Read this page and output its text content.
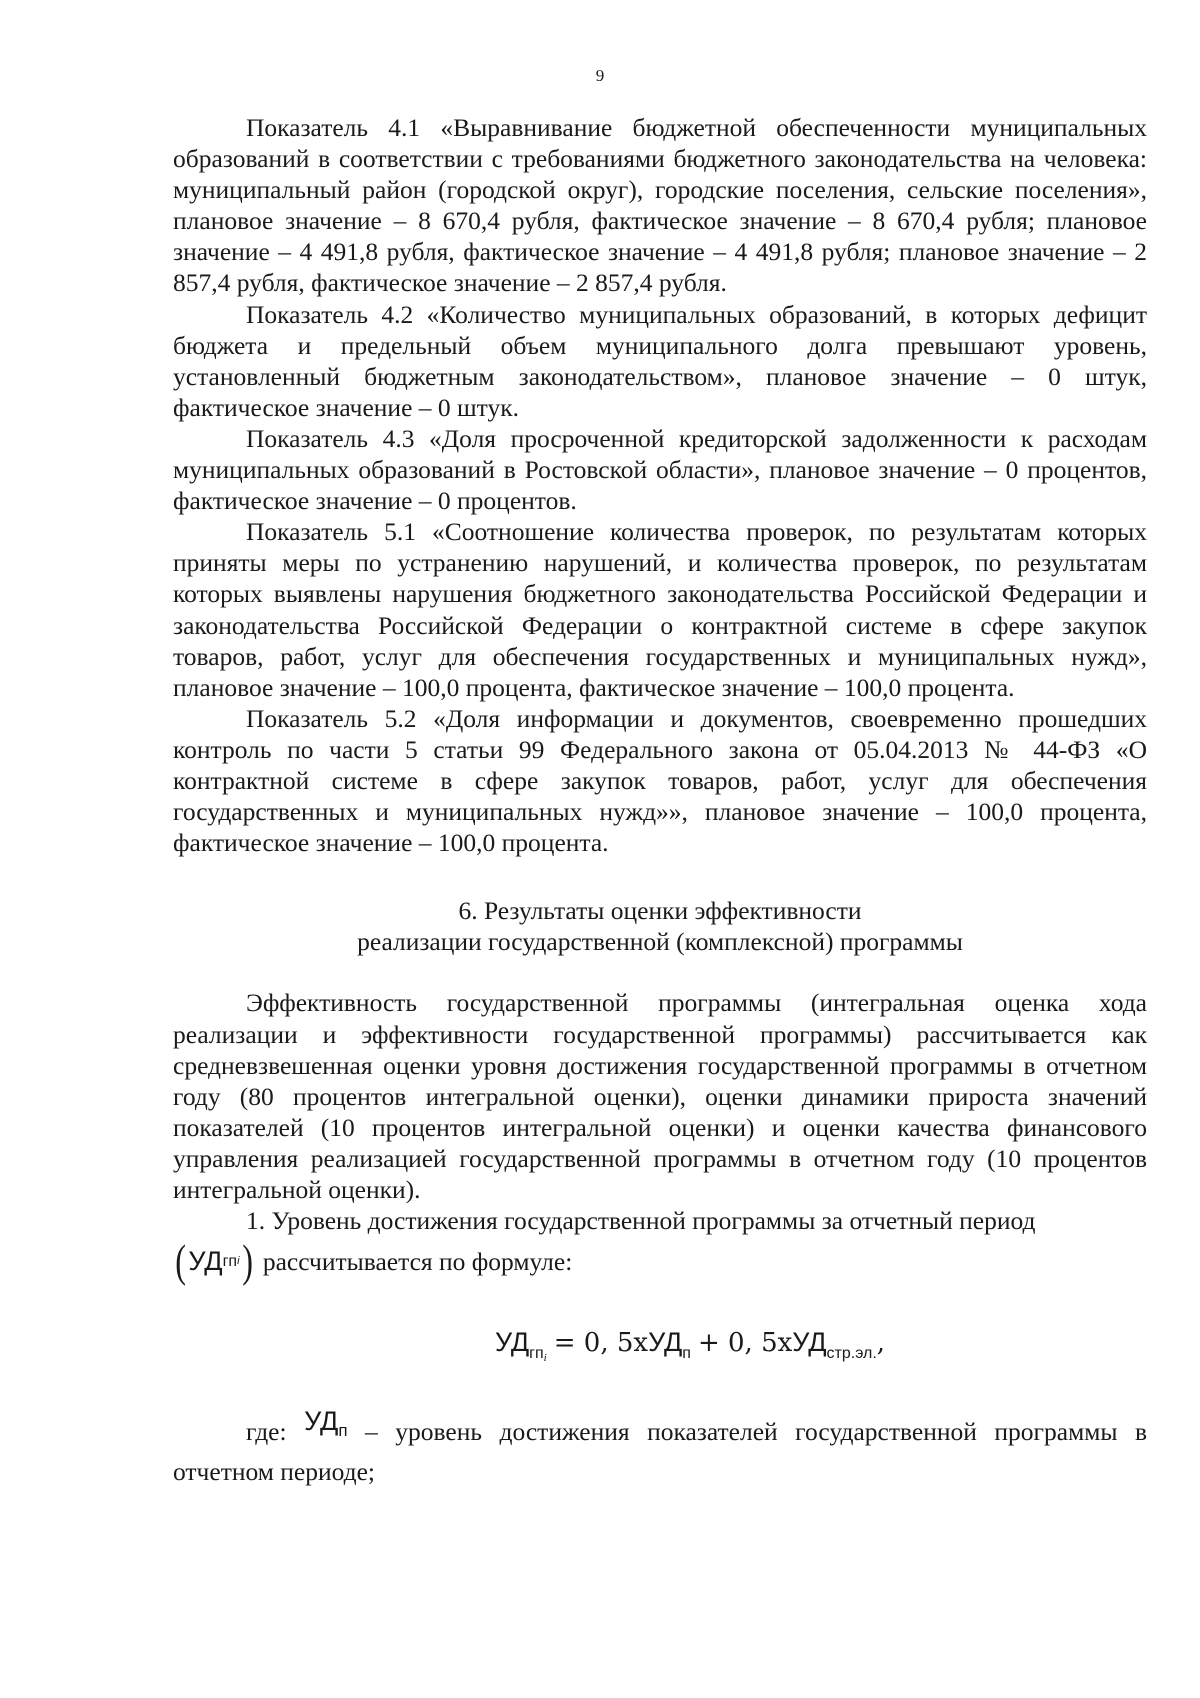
9

Показатель 4.1 «Выравнивание бюджетной обеспеченности муниципальных образований в соответствии с требованиями бюджетного законодательства на человека: муниципальный район (городской округ), городские поселения, сельские поселения», плановое значение – 8 670,4 рубля, фактическое значение – 8 670,4 рубля; плановое значение – 4 491,8 рубля, фактическое значение – 4 491,8 рубля; плановое значение – 2 857,4 рубля, фактическое значение – 2 857,4 рубля.

Показатель 4.2 «Количество муниципальных образований, в которых дефицит бюджета и предельный объем муниципального долга превышают уровень, установленный бюджетным законодательством», плановое значение – 0 штук, фактическое значение – 0 штук.

Показатель 4.3 «Доля просроченной кредиторской задолженности к расходам муниципальных образований в Ростовской области», плановое значение – 0 процентов, фактическое значение – 0 процентов.

Показатель 5.1 «Соотношение количества проверок, по результатам которых приняты меры по устранению нарушений, и количества проверок, по результатам которых выявлены нарушения бюджетного законодательства Российской Федерации и законодательства Российской Федерации о контрактной системе в сфере закупок товаров, работ, услуг для обеспечения государственных и муниципальных нужд», плановое значение – 100,0 процента, фактическое значение – 100,0 процента.

Показатель 5.2 «Доля информации и документов, своевременно прошедших контроль по части 5 статьи 99 Федерального закона от 05.04.2013 № 44-ФЗ «О контрактной системе в сфере закупок товаров, работ, услуг для обеспечения государственных и муниципальных нужд»», плановое значение – 100,0 процента, фактическое значение – 100,0 процента.

6. Результаты оценки эффективности

реализации государственной (комплексной) программы

Эффективность государственной программы (интегральная оценка хода реализации и эффективности государственной программы) рассчитывается как средневзвешенная оценки уровня достижения государственной программы в отчетном году (80 процентов интегральной оценки), оценки динамики прироста значений показателей (10 процентов интегральной оценки) и оценки качества финансового управления реализацией государственной программы в отчетном году (10 процентов интегральной оценки).

1. Уровень достижения государственной программы за отчетный период

( УД гп i ) рассчитывается по формуле:

$УД_{гпi} = 0$, 5хУД$_п$ + 0, 5хУД$_{стр.эл.}$,

где: $УД_п$ – уровень достижения показателей государственной программы в отчетном периоде;
